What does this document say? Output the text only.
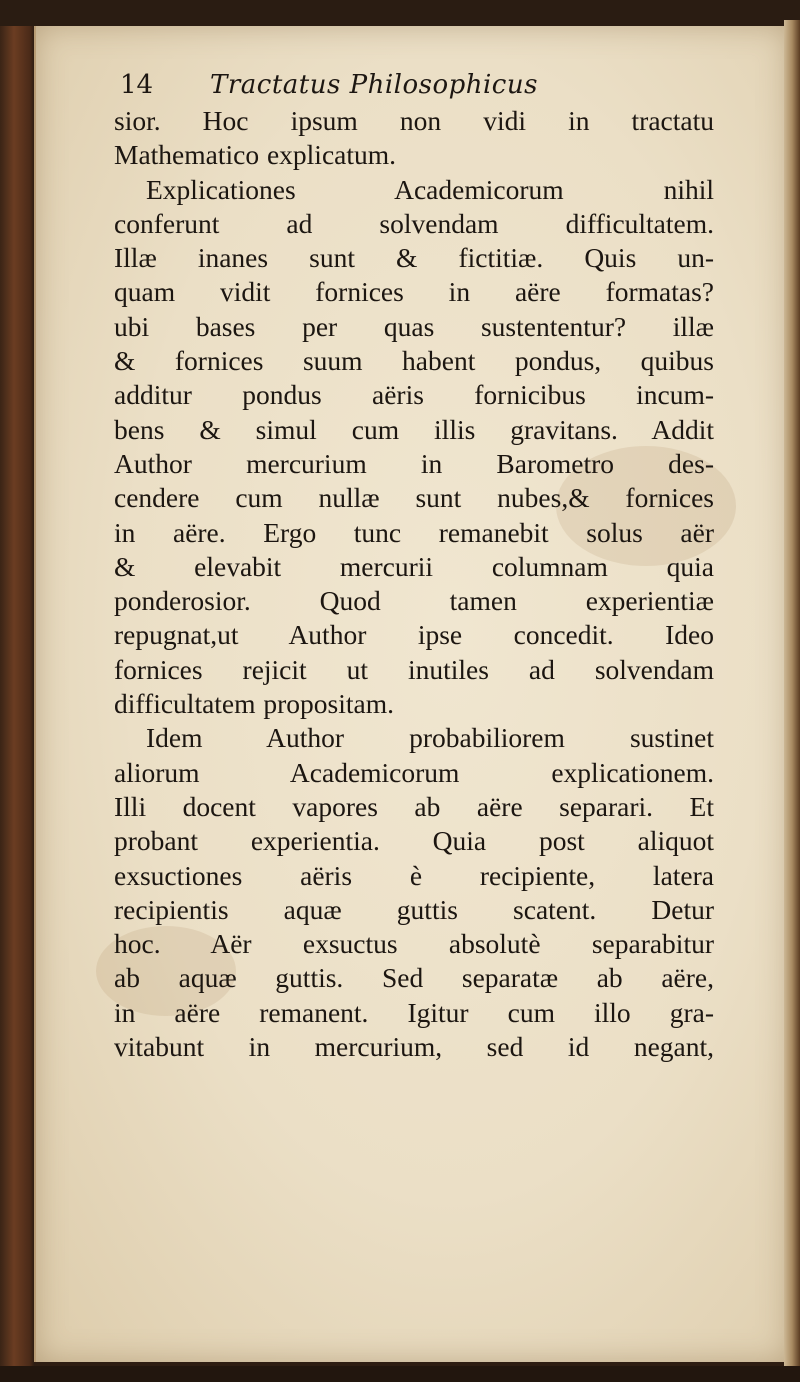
14 Tractatus Philosophicus
sior. Hoc ipsum non vidi in tractatu
Mathematico explicatum.
Explicationes Academicorum nihil
conferunt ad solvendam difficultatem.
Illæ inanes sunt & fictitiæ. Quis un-
quam vidit fornices in aëre formatas?
ubi bases per quas sustententur? illæ
& fornices suum habent pondus, quibus
additur pondus aëris fornicibus incum-
bens & simul cum illis gravitans. Addit
Author mercurium in Barometro des-
cendere cum nullæ sunt nubes,& fornices
in aëre. Ergo tunc remanebit solus aër
& elevabit mercurii columnam quia
ponderosior. Quod tamen experientiæ
repugnat,ut Author ipse concedit. Ideo
fornices rejicit ut inutiles ad solvendam
difficultatem propositam.
Idem Author probabiliorem sustinet
aliorum Academicorum explicationem.
Illi docent vapores ab aëre separari. Et
probant experientia. Quia post aliquot
exsuctiones aëris è recipiente, latera
recipientis aquæ guttis scatent. Detur
hoc. Aër exsuctus absolutè separabitur
ab aquæ guttis. Sed separatæ ab aëre,
in aëre remanent. Igitur cum illo gra-
vitabunt in mercurium, sed id negant,
